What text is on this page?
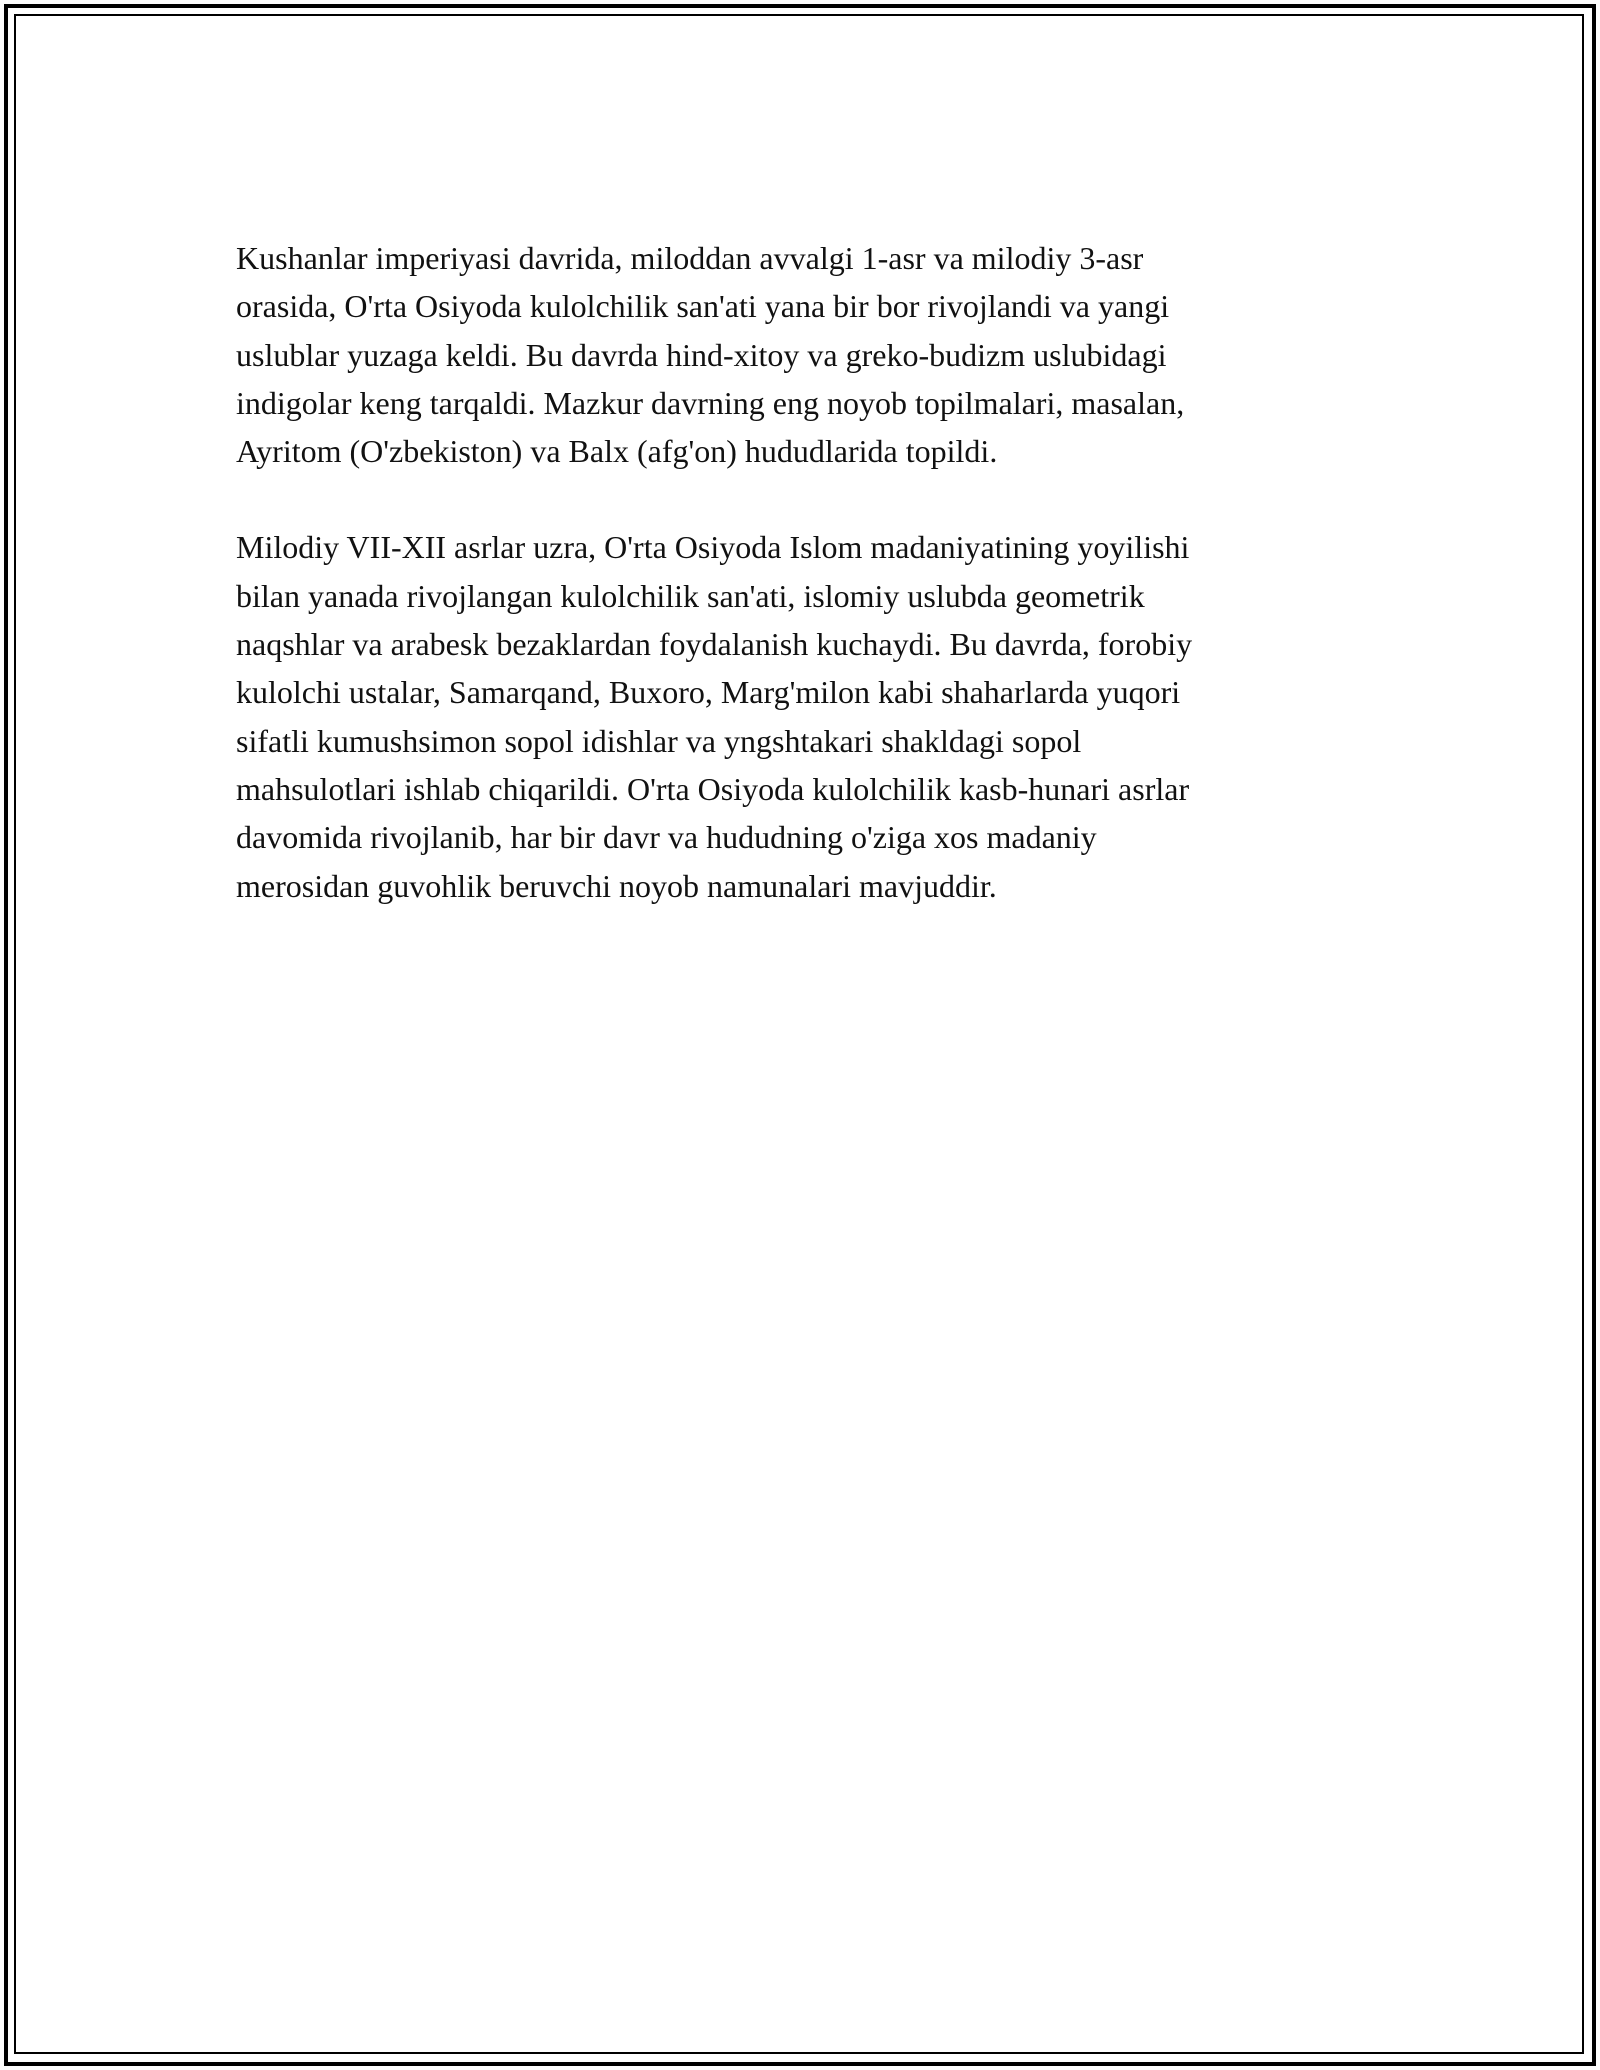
Kushanlar imperiyasi davrida, miloddan avvalgi 1-asr va milodiy 3-asr
orasida, O'rta Osiyoda kulolchilik san'ati yana bir bor rivojlandi va yangi
uslublar yuzaga keldi. Bu davrda hind-xitoy va greko-budizm uslubidagi
indigolar keng tarqaldi. Mazkur davrning eng noyob topilmalari, masalan,
Ayritom (O'zbekiston) va Balx (afg'on) hududlarida topildi.

Milodiy VII-XII asrlar uzra, O'rta Osiyoda Islom madaniyatining yoyilishi
bilan yanada rivojlangan kulolchilik san'ati, islomiy uslubda geometrik
naqshlar va arabesk bezaklardan foydalanish kuchaydi. Bu davrda, forobiy
kulolchi ustalar, Samarqand, Buxoro, Marg'milon kabi shaharlarda yuqori
sifatli kumushsimon sopol idishlar va yngshtakari shakldagi sopol
mahsulotlari ishlab chiqarildi. O'rta Osiyoda kulolchilik kasb-hunari asrlar
davomida rivojlanib, har bir davr va hududning o'ziga xos madaniy
merosidan guvohlik beruvchi noyob namunalari mavjuddir.
